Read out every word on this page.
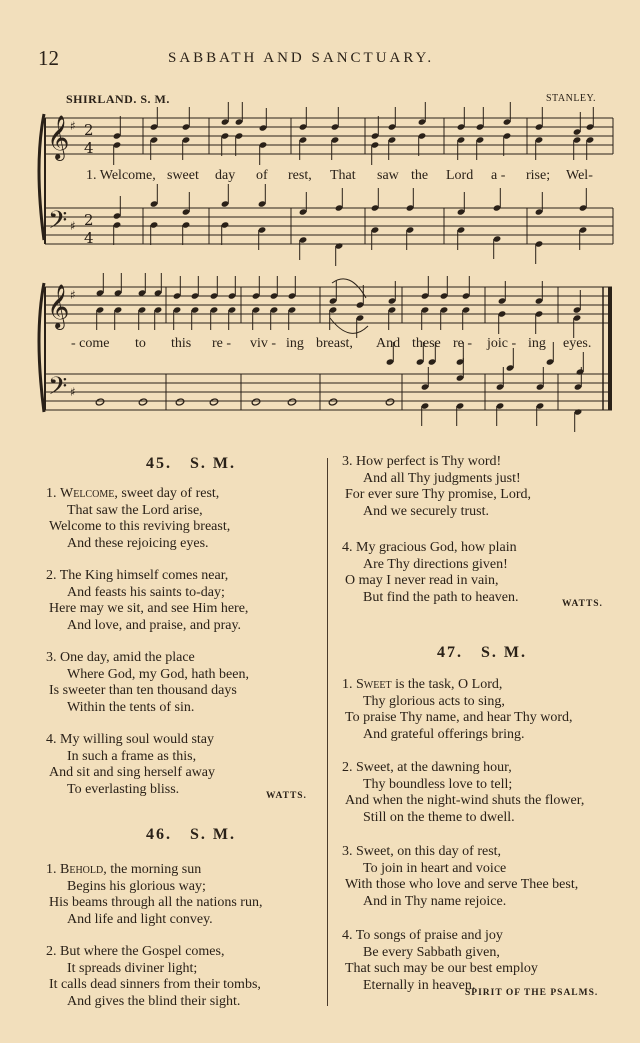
12	SABBATH AND SANCTUARY.
SHIRLAND. S. M.	STANLEY.
𝄞
𝄢
♯
♯
2
4
2
4
𝄞
𝄢
♯
♯
1. Welcome, sweet day of rest, That saw the Lord a - rise; Wel-
- come to this re - viv - ing breast, And these re - joic - ing eyes.
45.  S. M.
1. Welcome, sweet day of rest,
That saw the Lord arise,
Welcome to this reviving breast,
And these rejoicing eyes.
2. The King himself comes near,
And feasts his saints to-day;
Here may we sit, and see Him here,
And love, and praise, and pray.
3. One day, amid the place
Where God, my God, hath been,
Is sweeter than ten thousand days
Within the tents of sin.
4. My willing soul would stay
In such a frame as this,
And sit and sing herself away
To everlasting bliss.	WATTS.
46.  S. M.
1. Behold, the morning sun
Begins his glorious way;
His beams through all the nations run,
And life and light convey.
2. But where the Gospel comes,
It spreads diviner light;
It calls dead sinners from their tombs,
And gives the blind their sight.
3. How perfect is Thy word!
And all Thy judgments just!
For ever sure Thy promise, Lord,
And we securely trust.
4. My gracious God, how plain
Are Thy directions given!
O may I never read in vain,
But find the path to heaven.	WATTS.
47.  S. M.
1. Sweet is the task, O Lord,
Thy glorious acts to sing,
To praise Thy name, and hear Thy word,
And grateful offerings bring.
2. Sweet, at the dawning hour,
Thy boundless love to tell;
And when the night-wind shuts the flower,
Still on the theme to dwell.
3. Sweet, on this day of rest,
To join in heart and voice
With those who love and serve Thee best,
And in Thy name rejoice.
4. To songs of praise and joy
Be every Sabbath given,
That such may be our best employ
Eternally in heaven.
SPIRIT OF THE PSALMS.
